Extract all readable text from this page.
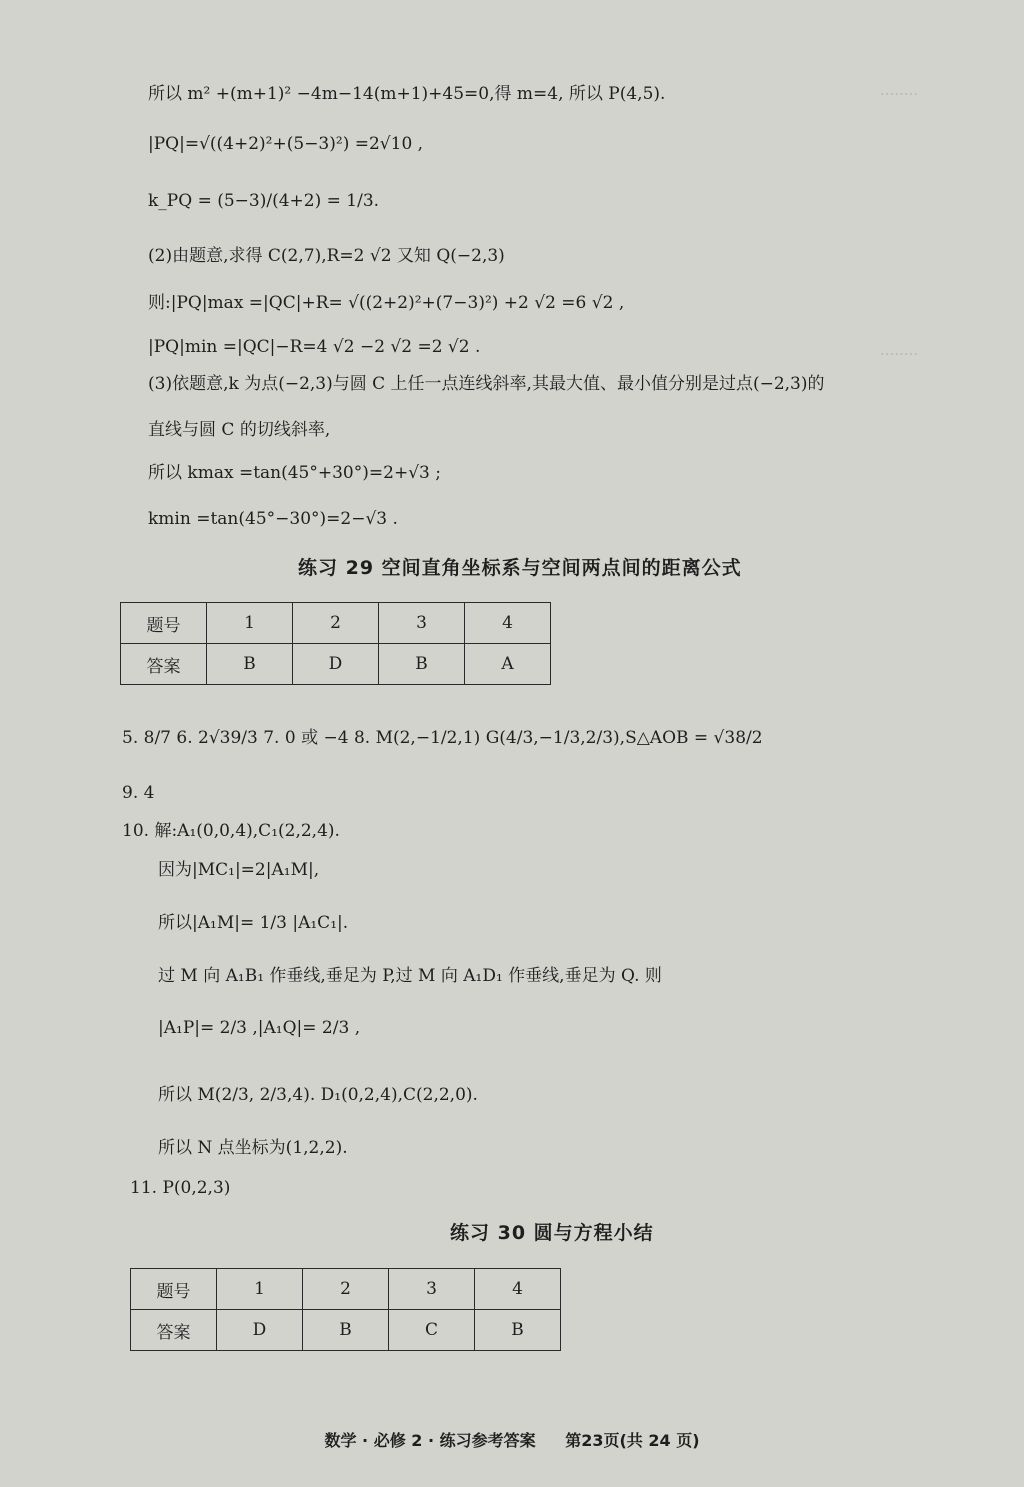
········
········
所以 m² +(m+1)² −4m−14(m+1)+45=0,得 m=4, 所以 P(4,5).
|PQ|=√((4+2)²+(5−3)²) =2√10 ,
k_PQ = (5−3)/(4+2) = 1/3.
(2)由题意,求得 C(2,7),R=2 √2 又知 Q(−2,3)
则:|PQ|max =|QC|+R= √((2+2)²+(7−3)²) +2 √2 =6 √2 ,
|PQ|min =|QC|−R=4 √2 −2 √2 =2 √2 .
(3)依题意,k 为点(−2,3)与圆 C 上任一点连线斜率,其最大值、最小值分别是过点(−2,3)的
直线与圆 C 的切线斜率,
所以 kmax =tan(45°+30°)=2+√3 ;
kmin =tan(45°−30°)=2−√3 .
练习 29 空间直角坐标系与空间两点间的距离公式
题号	1	2	3	4
答案	B	D	B	A
5. 8/7 6. 2√39/3 7. 0 或 −4 8. M(2,−1/2,1) G(4/3,−1/3,2/3),S△AOB = √38/2
9. 4
10. 解:A₁(0,0,4),C₁(2,2,4).
因为|MC₁|=2|A₁M|,
所以|A₁M|= 1/3 |A₁C₁|.
过 M 向 A₁B₁ 作垂线,垂足为 P,过 M 向 A₁D₁ 作垂线,垂足为 Q. 则
|A₁P|= 2/3 ,|A₁Q|= 2/3 ,
所以 M(2/3, 2/3,4). D₁(0,2,4),C(2,2,0).
所以 N 点坐标为(1,2,2).
11. P(0,2,3)
练习 30 圆与方程小结
题号	1	2	3	4
答案	D	B	C	B
数学 · 必修 2 · 练习参考答案 第23页(共 24 页)
